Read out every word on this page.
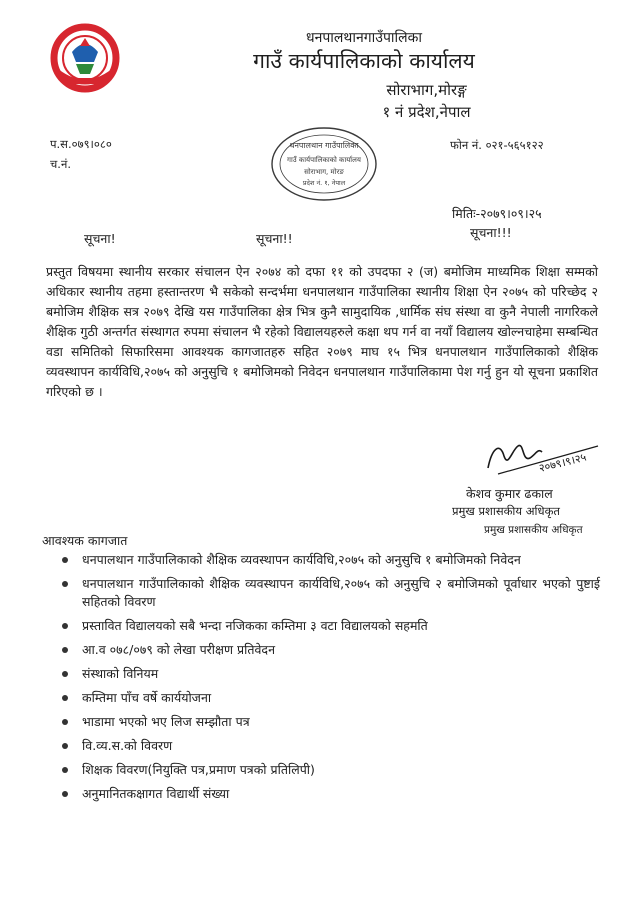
धनपालथानगाउँपालिका
गाउँ कार्यपालिकाको कार्यालय
सोराभाग,मोरङ्ग
१ नं प्रदेश,नेपाल
प.स.०७९।०८०
च.नं.
फोन नं. ०२१-५६५१२२
मितिः-२०७९।०९।२५
धनपालथान गाउँपालिका
गाउँ कार्यपालिकाको कार्यालय
सोराभाग, मोरङ
प्रदेश नं. १, नेपाल
सूचना!	सूचना!!	सूचना!!!
प्रस्तुत विषयमा स्थानीय सरकार संचालन ऐन २०७४ को दफा ११ को उपदफा २ (ज) बमोजिम माध्यमिक शिक्षा सम्मको अधिकार स्थानीय तहमा हस्तान्तरण भै सकेको सन्दर्भमा धनपालथान गाउँपालिका स्थानीय शिक्षा ऐन २०७५ को परिच्छेद २ बमोजिम शैक्षिक सत्र २०७९ देखि यस गाउँपालिका क्षेत्र भित्र कुनै सामुदायिक ,धार्मिक संघ संस्था वा कुनै नेपाली नागरिकले शैक्षिक गुठी अन्तर्गत संस्थागत रुपमा संचालन भै रहेको विद्यालयहरुले कक्षा थप गर्न वा नयाँ विद्यालय खोल्नचाहेमा सम्बन्धित वडा समितिको सिफारिसमा आवश्यक कागजातहरु सहित २०७९ माघ १५ भित्र धनपालथान गाउँपालिकाको शैक्षिक व्यवस्थापन कार्यविधि,२०७५ को अनुसुचि १ बमोजिमको निवेदन धनपालथान गाउँपालिकामा पेश गर्नु हुन यो सूचना प्रकाशित गरिएको छ ।
२०७९।९।२५
केशव कुमार ढकाल
प्रमुख प्रशासकीय अधिकृत
प्रमुख प्रशासकीय अधिकृत
आवश्यक कागजात
धनपालथान गाउँपालिकाको शैक्षिक व्यवस्थापन कार्यविधि,२०७५ को अनुसुचि १ बमोजिमको निवेदन
धनपालथान गाउँपालिकाको शैक्षिक व्यवस्थापन कार्यविधि,२०७५ को अनुसुचि २ बमोजिमको पूर्वाधार भएको पुष्टाई सहितको विवरण
प्रस्तावित विद्यालयको सबै भन्दा नजिकका कम्तिमा ३ वटा विद्यालयको सहमति
आ.व ०७८/०७९ को लेखा परीक्षण प्रतिवेदन
संस्थाको विनियम
कम्तिमा पाँच वर्षे कार्ययोजना
भाडामा भएको भए लिज सम्झौता पत्र
वि.व्य.स.को विवरण
शिक्षक विवरण(नियुक्ति पत्र,प्रमाण पत्रको प्रतिलिपी)
अनुमानितकक्षागत विद्यार्थी संख्या
